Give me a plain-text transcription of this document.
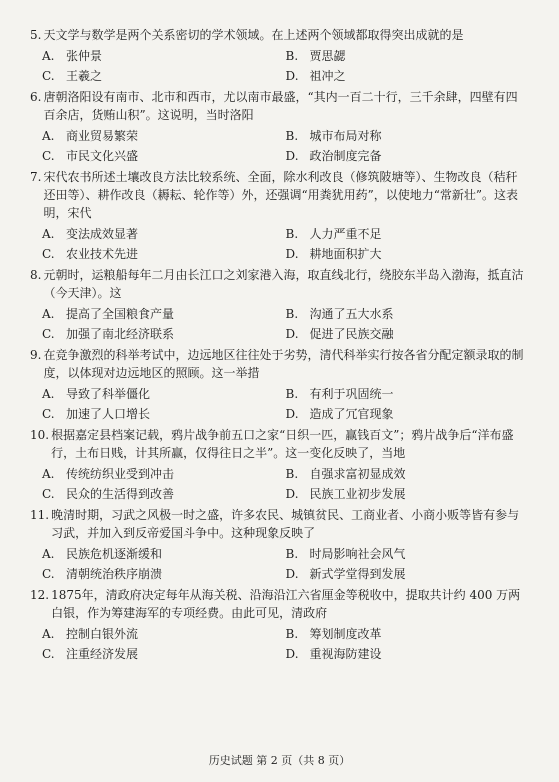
5. 天文学与数学是两个关系密切的学术领域。在上述两个领域都取得突出成就的是
A. 张仲景	B. 贾思勰
C. 王羲之	D. 祖冲之
6. 唐朝洛阳设有南市、北市和西市，尤以南市最盛，“其内一百二十行，三千余肆，四壁有四百余店，货贿山积”。这说明，当时洛阳
A. 商业贸易繁荣	B. 城市布局对称
C. 市民文化兴盛	D. 政治制度完备
7. 宋代农书所述土壤改良方法比较系统、全面，除水利改良（修筑陂塘等）、生物改良（秸秆还田等）、耕作改良（耨耘、轮作等）外，还强调“用粪犹用药”，以使地力“常新壮”。这表明，宋代
A. 变法成效显著	B. 人力严重不足
C. 农业技术先进	D. 耕地面积扩大
8. 元朝时，运粮船每年二月由长江口之刘家港入海，取直线北行，绕胶东半岛入渤海，抵直沽（今天津）。这
A. 提高了全国粮食产量	B. 沟通了五大水系
C. 加强了南北经济联系	D. 促进了民族交融
9. 在竞争激烈的科举考试中，边远地区往往处于劣势，清代科举实行按各省分配定额录取的制度，以体现对边远地区的照顾。这一举措
A. 导致了科举僵化	B. 有利于巩固统一
C. 加速了人口增长	D. 造成了冗官现象
10. 根据嘉定县档案记载，鸦片战争前五口之家“日织一匹，赢钱百文”；鸦片战争后“洋布盛行，土布日贱，计其所赢，仅得往日之半”。这一变化反映了，当地
A. 传统纺织业受到冲击	B. 自强求富初显成效
C. 民众的生活得到改善	D. 民族工业初步发展
11. 晚清时期，习武之风极一时之盛，许多农民、城镇贫民、工商业者、小商小贩等皆有参与习武，并加入到反帝爱国斗争中。这种现象反映了
A. 民族危机逐渐缓和	B. 时局影响社会风气
C. 清朝统治秩序崩溃	D. 新式学堂得到发展
12. 1875年，清政府决定每年从海关税、沿海沿江六省厘金等税收中，提取共计约 400 万两白银，作为筹建海军的专项经费。由此可见，清政府
A. 控制白银外流	B. 筹划制度改革
C. 注重经济发展	D. 重视海防建设
历史试题 第 2 页（共 8 页）
